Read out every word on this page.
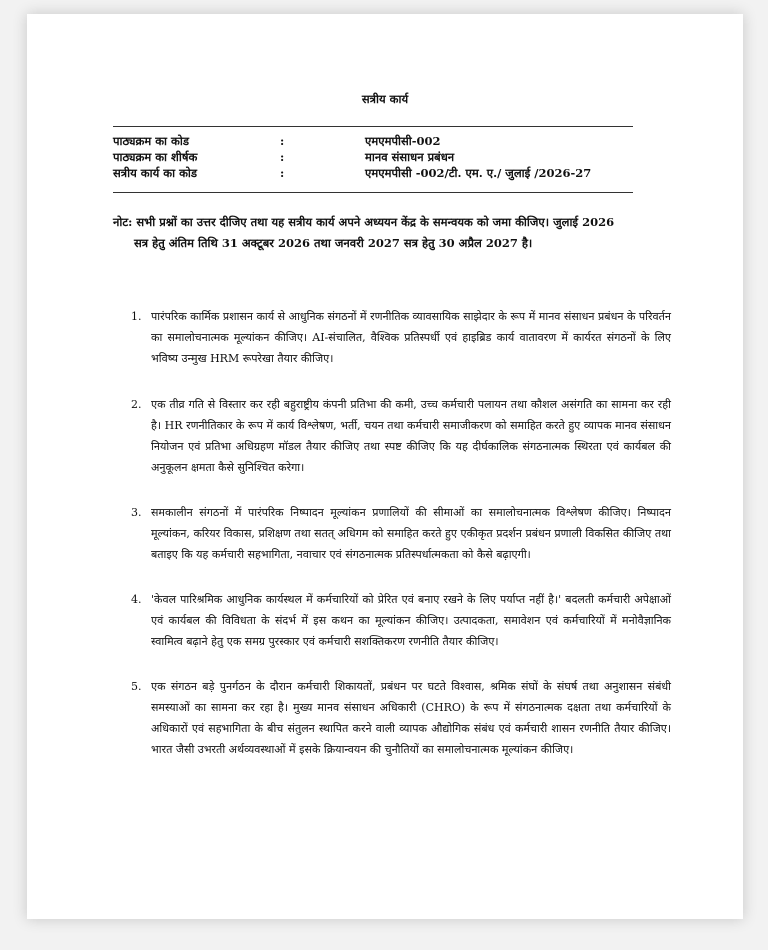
सत्रीय कार्य
पाठ्यक्रम का कोड	:	एमएमपीसी-002
पाठ्यक्रम का शीर्षक	:	मानव संसाधन प्रबंधन
सत्रीय कार्य का कोड	:	एमएमपीसी -002/टी. एम. ए./ जुलाई /2026-27
नोट: सभी प्रश्नों का उत्तर दीजिए तथा यह सत्रीय कार्य अपने अध्ययन केंद्र के समन्वयक को जमा कीजिए। जुलाई 2026
सत्र हेतु अंतिम तिथि 31 अक्टूबर 2026 तथा जनवरी 2027 सत्र हेतु 30 अप्रैल 2027 है।
1. पारंपरिक कार्मिक प्रशासन कार्य से आधुनिक संगठनों में रणनीतिक व्यावसायिक साझेदार के रूप में मानव संसाधन प्रबंधन के परिवर्तन का समालोचनात्मक मूल्यांकन कीजिए। AI-संचालित, वैश्विक प्रतिस्पर्धी एवं हाइब्रिड कार्य वातावरण में कार्यरत संगठनों के लिए भविष्य उन्मुख HRM रूपरेखा तैयार कीजिए।
2. एक तीव्र गति से विस्तार कर रही बहुराष्ट्रीय कंपनी प्रतिभा की कमी, उच्च कर्मचारी पलायन तथा कौशल असंगति का सामना कर रही है। HR रणनीतिकार के रूप में कार्य विश्लेषण, भर्ती, चयन तथा कर्मचारी समाजीकरण को समाहित करते हुए व्यापक मानव संसाधन नियोजन एवं प्रतिभा अधिग्रहण मॉडल तैयार कीजिए तथा स्पष्ट कीजिए कि यह दीर्घकालिक संगठनात्मक स्थिरता एवं कार्यबल की अनुकूलन क्षमता कैसे सुनिश्चित करेगा।
3. समकालीन संगठनों में पारंपरिक निष्पादन मूल्यांकन प्रणालियों की सीमाओं का समालोचनात्मक विश्लेषण कीजिए। निष्पादन मूल्यांकन, करियर विकास, प्रशिक्षण तथा सतत् अधिगम को समाहित करते हुए एकीकृत प्रदर्शन प्रबंधन प्रणाली विकसित कीजिए तथा बताइए कि यह कर्मचारी सहभागिता, नवाचार एवं संगठनात्मक प्रतिस्पर्धात्मकता को कैसे बढ़ाएगी।
4. 'केवल पारिश्रमिक आधुनिक कार्यस्थल में कर्मचारियों को प्रेरित एवं बनाए रखने के लिए पर्याप्त नहीं है।' बदलती कर्मचारी अपेक्षाओं एवं कार्यबल की विविधता के संदर्भ में इस कथन का मूल्यांकन कीजिए। उत्पादकता, समावेशन एवं कर्मचारियों में मनोवैज्ञानिक स्वामित्व बढ़ाने हेतु एक समग्र पुरस्कार एवं कर्मचारी सशक्तिकरण रणनीति तैयार कीजिए।
5. एक संगठन बड़े पुनर्गठन के दौरान कर्मचारी शिकायतों, प्रबंधन पर घटते विश्वास, श्रमिक संघों के संघर्ष तथा अनुशासन संबंधी समस्याओं का सामना कर रहा है। मुख्य मानव संसाधन अधिकारी (CHRO) के रूप में संगठनात्मक दक्षता तथा कर्मचारियों के अधिकारों एवं सहभागिता के बीच संतुलन स्थापित करने वाली व्यापक औद्योगिक संबंध एवं कर्मचारी शासन रणनीति तैयार कीजिए। भारत जैसी उभरती अर्थव्यवस्थाओं में इसके क्रियान्वयन की चुनौतियों का समालोचनात्मक मूल्यांकन कीजिए।
